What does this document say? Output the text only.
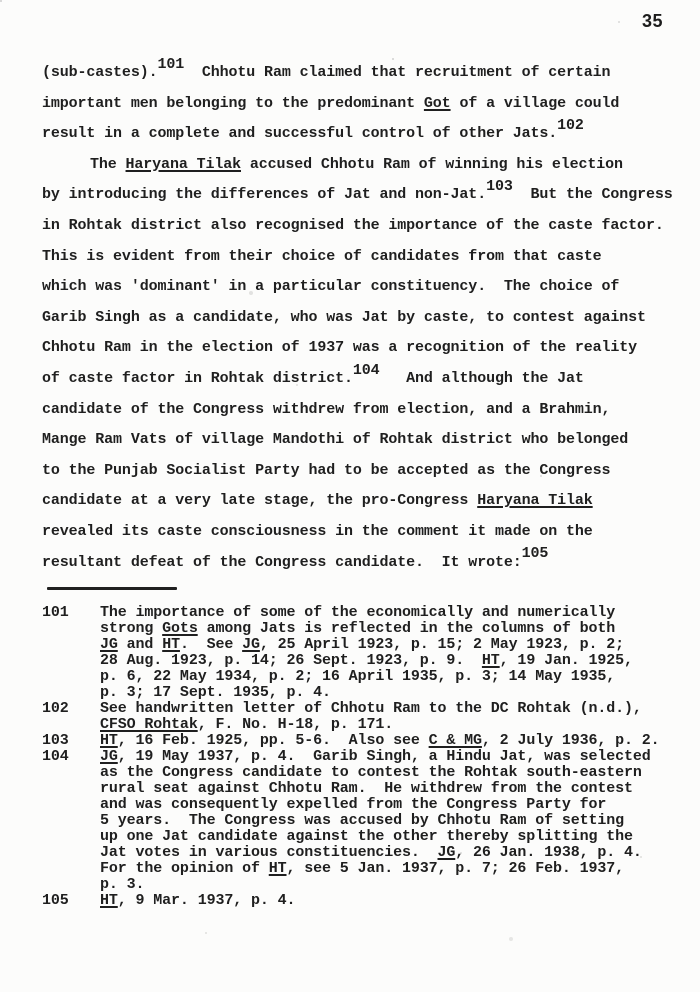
35
(sub-castes).101  Chhotu Ram claimed that recruitment of certain
important men belonging to the predominant Got of a village could
result in a complete and successful control of other Jats.102
The Haryana Tilak accused Chhotu Ram of winning his election
by introducing the differences of Jat and non-Jat.103  But the Congress
in Rohtak district also recognised the importance of the caste factor.
This is evident from their choice of candidates from that caste
which was 'dominant' in a particular constituency.  The choice of
Garib Singh as a candidate, who was Jat by caste, to contest against
Chhotu Ram in the election of 1937 was a recognition of the reality
of caste factor in Rohtak district.104   And although the Jat
candidate of the Congress withdrew from election, and a Brahmin,
Mange Ram Vats of village Mandothi of Rohtak district who belonged
to the Punjab Socialist Party had to be accepted as the Congress
candidate at a very late stage, the pro-Congress Haryana Tilak
revealed its caste consciousness in the comment it made on the
resultant defeat of the Congress candidate.  It wrote:105
101	The importance of some of the economically and numerically
strong Gots among Jats is reflected in the columns of both
JG and HT.  See JG, 25 April 1923, p. 15; 2 May 1923, p. 2;
28 Aug. 1923, p. 14; 26 Sept. 1923, p. 9.  HT, 19 Jan. 1925,
p. 6, 22 May 1934, p. 2; 16 April 1935, p. 3; 14 May 1935,
p. 3; 17 Sept. 1935, p. 4.
102	See handwritten letter of Chhotu Ram to the DC Rohtak (n.d.),
CFSO Rohtak, F. No. H-18, p. 171.
103	HT, 16 Feb. 1925, pp. 5-6.  Also see C & MG, 2 July 1936, p. 2.
104	JG, 19 May 1937, p. 4.  Garib Singh, a Hindu Jat, was selected
as the Congress candidate to contest the Rohtak south-eastern
rural seat against Chhotu Ram.  He withdrew from the contest
and was consequently expelled from the Congress Party for
5 years.  The Congress was accused by Chhotu Ram of setting
up one Jat candidate against the other thereby splitting the
Jat votes in various constituencies.  JG, 26 Jan. 1938, p. 4.
For the opinion of HT, see 5 Jan. 1937, p. 7; 26 Feb. 1937,
p. 3.
105	HT, 9 Mar. 1937, p. 4.
